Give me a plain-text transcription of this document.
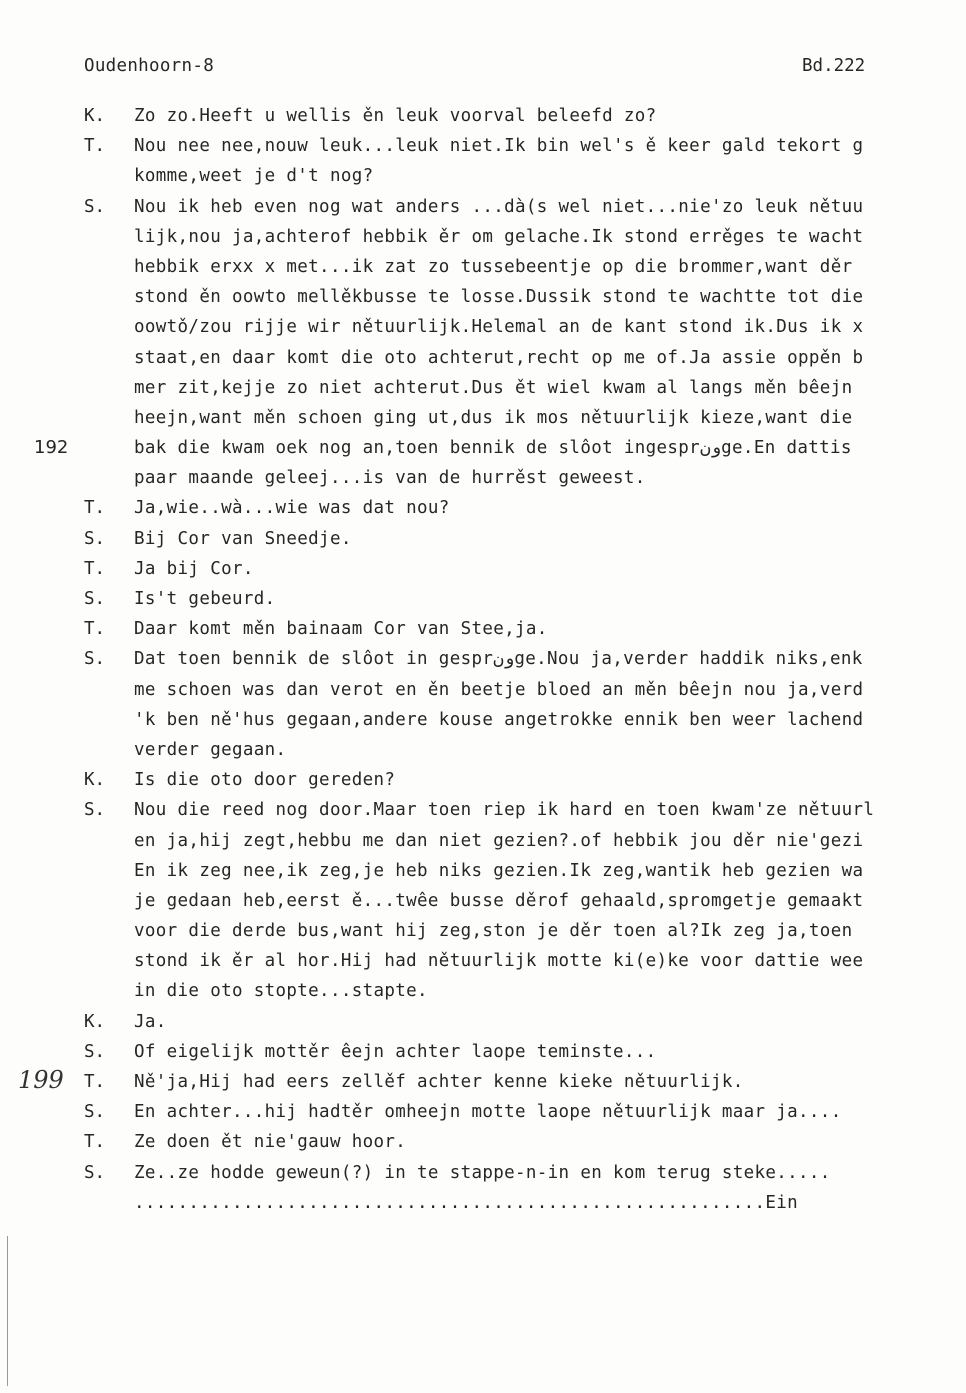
Oudenhoorn-8	Bd.222
192
199
K. Zo zo.Heeft u wellis ěn leuk voorval beleefd zo?
T. Nou nee nee,nouw leuk...leuk niet.Ik bin wel's ě keer gald tekort g
komme,weet je d't nog?
S. Nou ik heb even nog wat anders ...dà(s wel niet...nie'zo leuk nětuu
lijk,nou ja,achterof hebbik ěr om gelache.Ik stond errěges te wacht
hebbik erxx x met...ik zat zo tussebeentje op die brommer,want děr
stond ěn oowto mellěkbusse te losse.Dussik stond te wachtte tot die
oowtǒ/zou rijje wir nětuurlijk.Helemal an de kant stond ik.Dus ik x
staat,en daar komt die oto achterut,recht op me of.Ja assie oppěn b
mer zit,kejje zo niet achterut.Dus ět wiel kwam al langs měn bêejn
heejn,want měn schoen ging ut,dus ik mos nětuurlijk kieze,want die
bak die kwam oek nog an,toen bennik de slôot ingesprونge.En dattis
paar maande geleej...is van de hurrěst geweest.
T. Ja,wie..wà...wie was dat nou?
S. Bij Cor van Sneedje.
T. Ja bij Cor.
S. Is't gebeurd.
T. Daar komt měn bainaam Cor van Stee,ja.
S. Dat toen bennik de slôot in gesprونge.Nou ja,verder haddik niks,enk
me schoen was dan verot en ěn beetje bloed an měn bêejn nou ja,verd
'k ben ně'hus gegaan,andere kouse angetrokke ennik ben weer lachend
verder gegaan.
K. Is die oto door gereden?
S. Nou die reed nog door.Maar toen riep ik hard en toen kwam'ze nětuurl
en ja,hij zegt,hebbu me dan niet gezien?.of hebbik jou děr nie'gezi
En ik zeg nee,ik zeg,je heb niks gezien.Ik zeg,wantik heb gezien wa
je gedaan heb,eerst ě...twêe busse děrof gehaald,spromgetje gemaakt
voor die derde bus,want hij zeg,ston je děr toen al?Ik zeg ja,toen
stond ik ěr al hor.Hij had nětuurlijk motte ki(e)ke voor dattie wee
in die oto stopte...stapte.
K. Ja.
S. Of eigelijk mottěr êejn achter laope teminste...
T. Ně'ja,Hij had eers zellěf achter kenne kieke nětuurlijk.
S. En achter...hij hadtěr omheejn motte laope nětuurlijk maar ja....
T. Ze doen ět nie'gauw hoor.
S. Ze..ze hodde geweun(?) in te stappe-n-in en kom terug steke.....
..........................................................Ein
